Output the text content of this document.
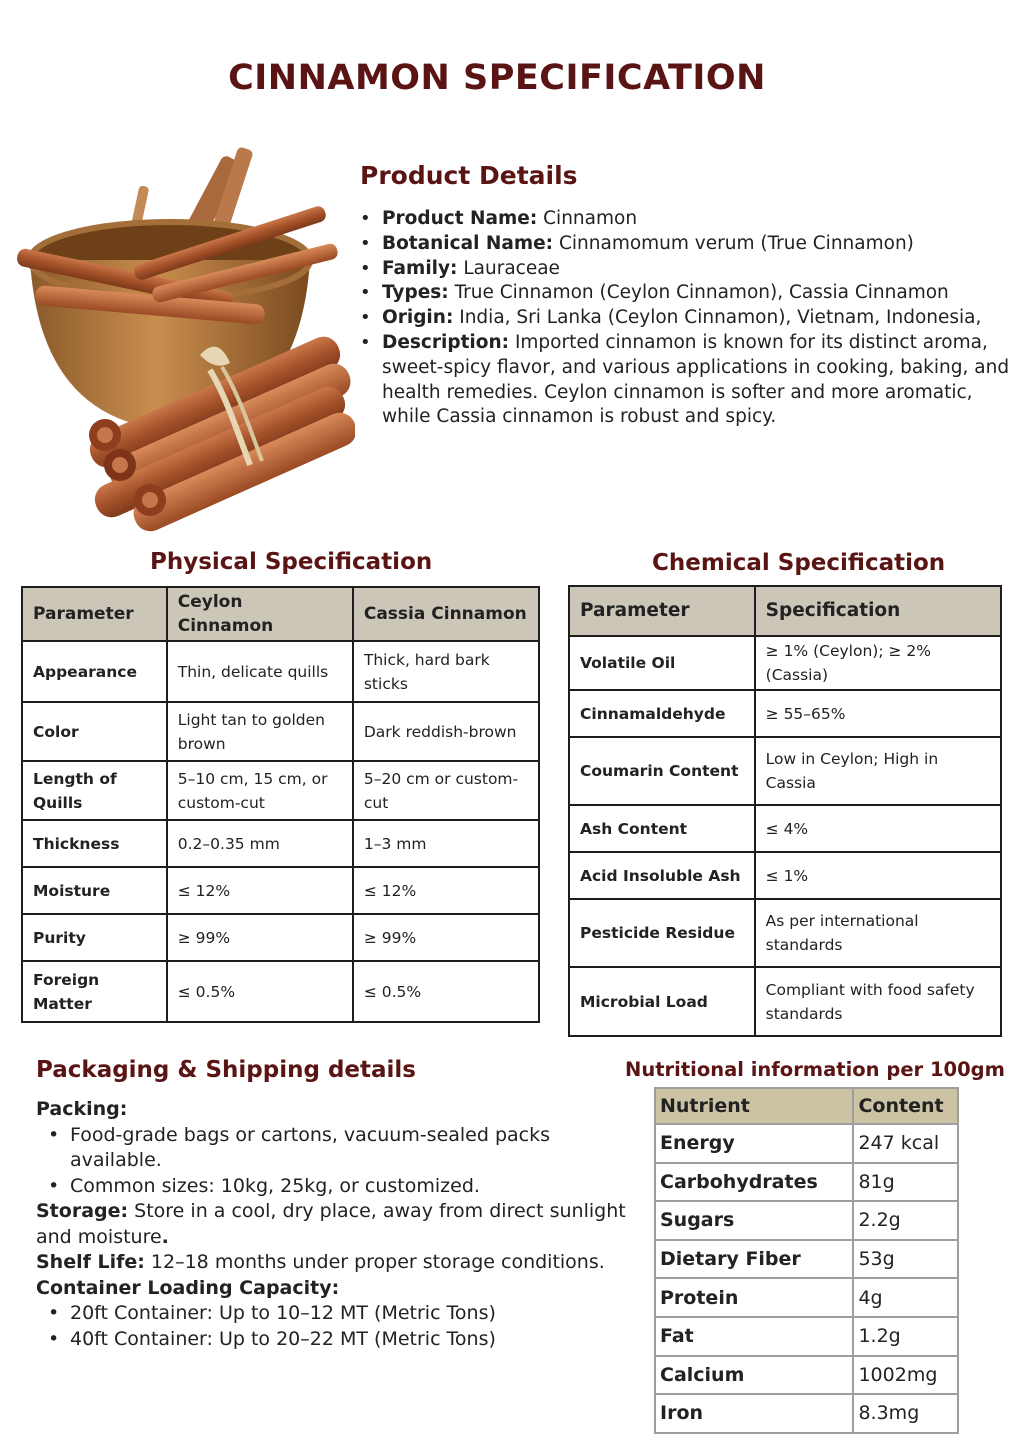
CINNAMON SPECIFICATION
Product Details
• Product Name: Cinnamon
• Botanical Name: Cinnamomum verum (True Cinnamon)
• Family: Lauraceae
• Types: True Cinnamon (Ceylon Cinnamon), Cassia Cinnamon
• Origin: India, Sri Lanka (Ceylon Cinnamon), Vietnam, Indonesia,
• Description: Imported cinnamon is known for its distinct aroma, sweet-spicy flavor, and various applications in cooking, baking, and health remedies. Ceylon cinnamon is softer and more aromatic, while Cassia cinnamon is robust and spicy.
Physical Specification
Parameter	Ceylon Cinnamon	Cassia Cinnamon
Appearance	Thin, delicate quills	Thick, hard bark sticks
Color	Light tan to golden brown	Dark reddish-brown
Length of Quills	5–10 cm, 15 cm, or custom-cut	5–20 cm or custom-cut
Thickness	0.2–0.35 mm	1–3 mm
Moisture	≤ 12%	≤ 12%
Purity	≥ 99%	≥ 99%
Foreign Matter	≤ 0.5%	≤ 0.5%
Chemical Specification
Parameter	Specification
Volatile Oil	≥ 1% (Ceylon); ≥ 2% (Cassia)
Cinnamaldehyde	≥ 55–65%
Coumarin Content	Low in Ceylon; High in Cassia
Ash Content	≤ 4%
Acid Insoluble Ash	≤ 1%
Pesticide Residue	As per international standards
Microbial Load	Compliant with food safety standards
Packaging & Shipping details
Packing:
• Food-grade bags or cartons, vacuum-sealed packs available.
• Common sizes: 10kg, 25kg, or customized.
Storage: Store in a cool, dry place, away from direct sunlight and moisture.
Shelf Life: 12–18 months under proper storage conditions.
Container Loading Capacity:
• 20ft Container: Up to 10–12 MT (Metric Tons)
• 40ft Container: Up to 20–22 MT (Metric Tons)
Nutritional information per 100gm
Nutrient	Content
Energy	247 kcal
Carbohydrates	81g
Sugars	2.2g
Dietary Fiber	53g
Protein	4g
Fat	1.2g
Calcium	1002mg
Iron	8.3mg
